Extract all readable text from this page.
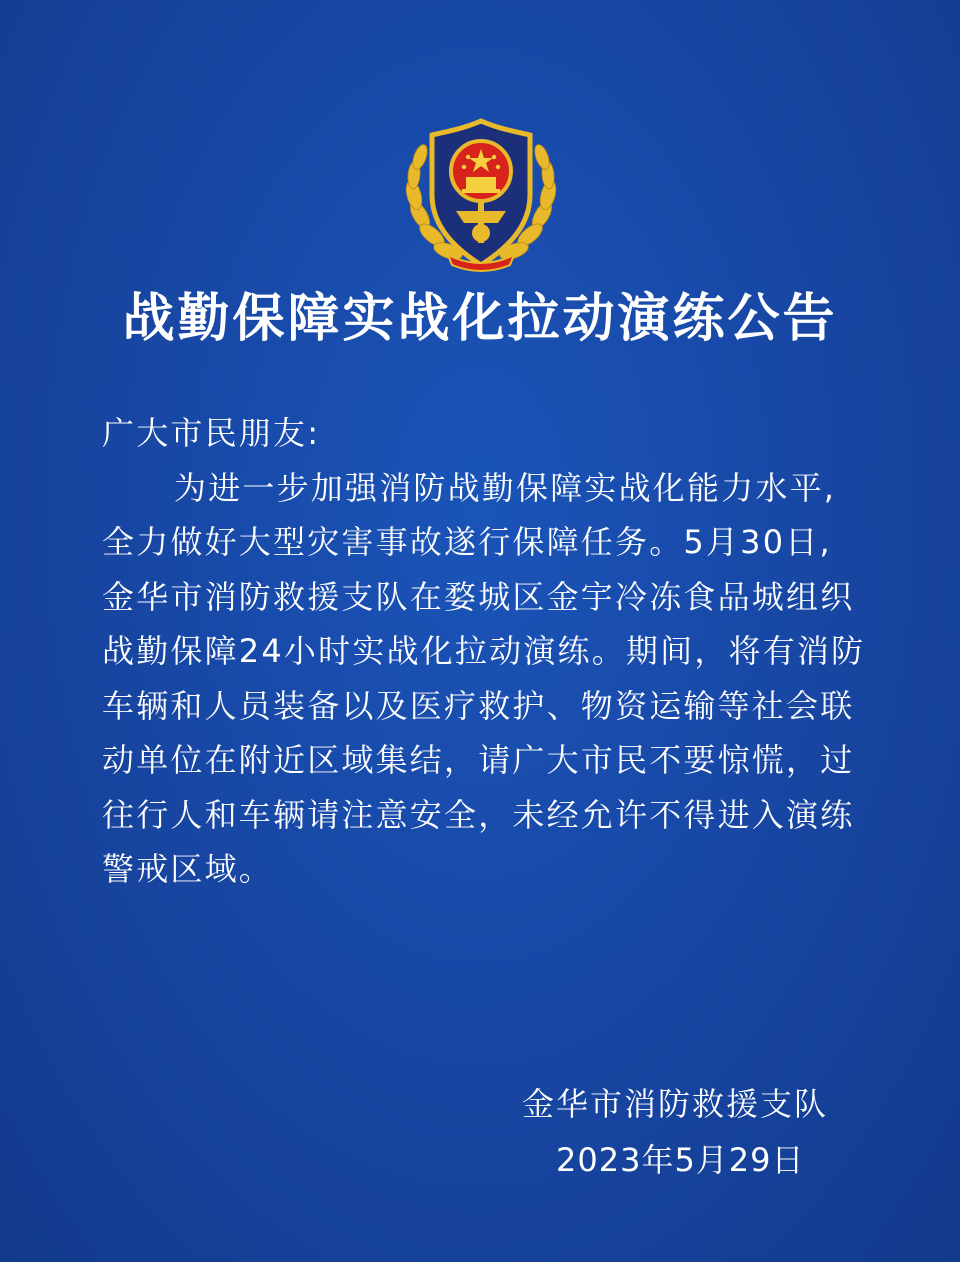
战勤保障实战化拉动演练公告

广大市民朋友:

为进一步加强消防战勤保障实战化能力水平,
全力做好大型灾害事故遂行保障任务。5月30日,
金华市消防救援支队在婺城区金宇冷冻食品城组织
战勤保障24小时实战化拉动演练。期间，将有消防
车辆和人员装备以及医疗救护、物资运输等社会联
动单位在附近区域集结，请广大市民不要惊慌，过
往行人和车辆请注意安全，未经允许不得进入演练
警戒区域。

金华市消防救援支队
2023年5月29日
